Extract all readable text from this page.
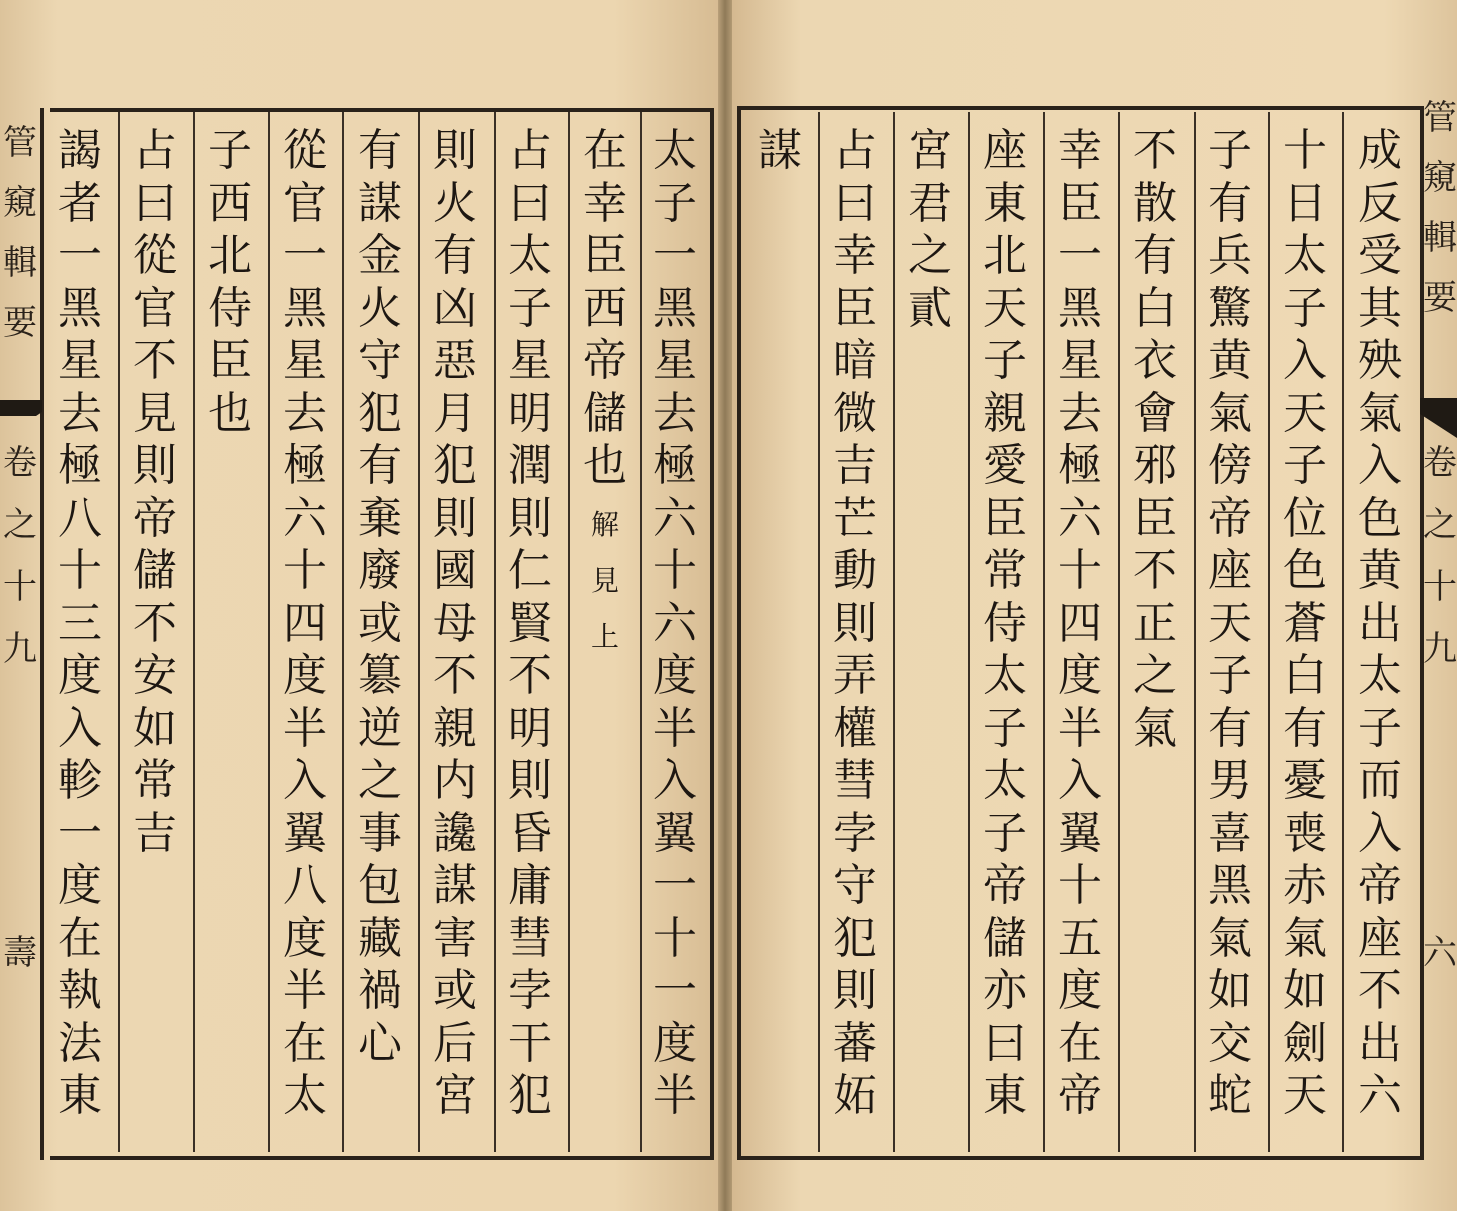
太
子
一
黑
星
去
極
六
十
六
度
半
入
翼
一
十
一
度
半
在
幸
臣
西
帝
儲
也
解
見
上
占
曰
太
子
星
明
潤
則
仁
賢
不
明
則
昏
庸
彗
孛
干
犯
則
火
有
凶
惡
月
犯
則
國
母
不
親
内
讒
謀
害
或
后
宮
有
謀
金
火
守
犯
有
棄
廢
或
簒
逆
之
事
包
藏
禍
心
從
官
一
黑
星
去
極
六
十
四
度
半
入
翼
八
度
半
在
太
子
西
北
侍
臣
也
占
曰
從
官
不
見
則
帝
儲
不
安
如
常
吉
謁
者
一
黑
星
去
極
八
十
三
度
入
軫
一
度
在
執
法
東
成
反
受
其
殃
氣
入
色
黄
出
太
子
而
入
帝
座
不
出
六
十
日
太
子
入
天
子
位
色
蒼
白
有
憂
喪
赤
氣
如
劍
天
子
有
兵
驚
黄
氣
傍
帝
座
天
子
有
男
喜
黑
氣
如
交
蛇
不
散
有
白
衣
會
邪
臣
不
正
之
氣
幸
臣
一
黑
星
去
極
六
十
四
度
半
入
翼
十
五
度
在
帝
座
東
北
天
子
親
愛
臣
常
侍
太
子
太
子
帝
儲
亦
曰
東
宮
君
之
貳
占
曰
幸
臣
暗
微
吉
芒
動
則
弄
權
彗
孛
守
犯
則
蕃
妬
謀
管
窺
輯
要
卷
之
十
九
壽
管
窺
輯
要
卷
之
十
九
六
